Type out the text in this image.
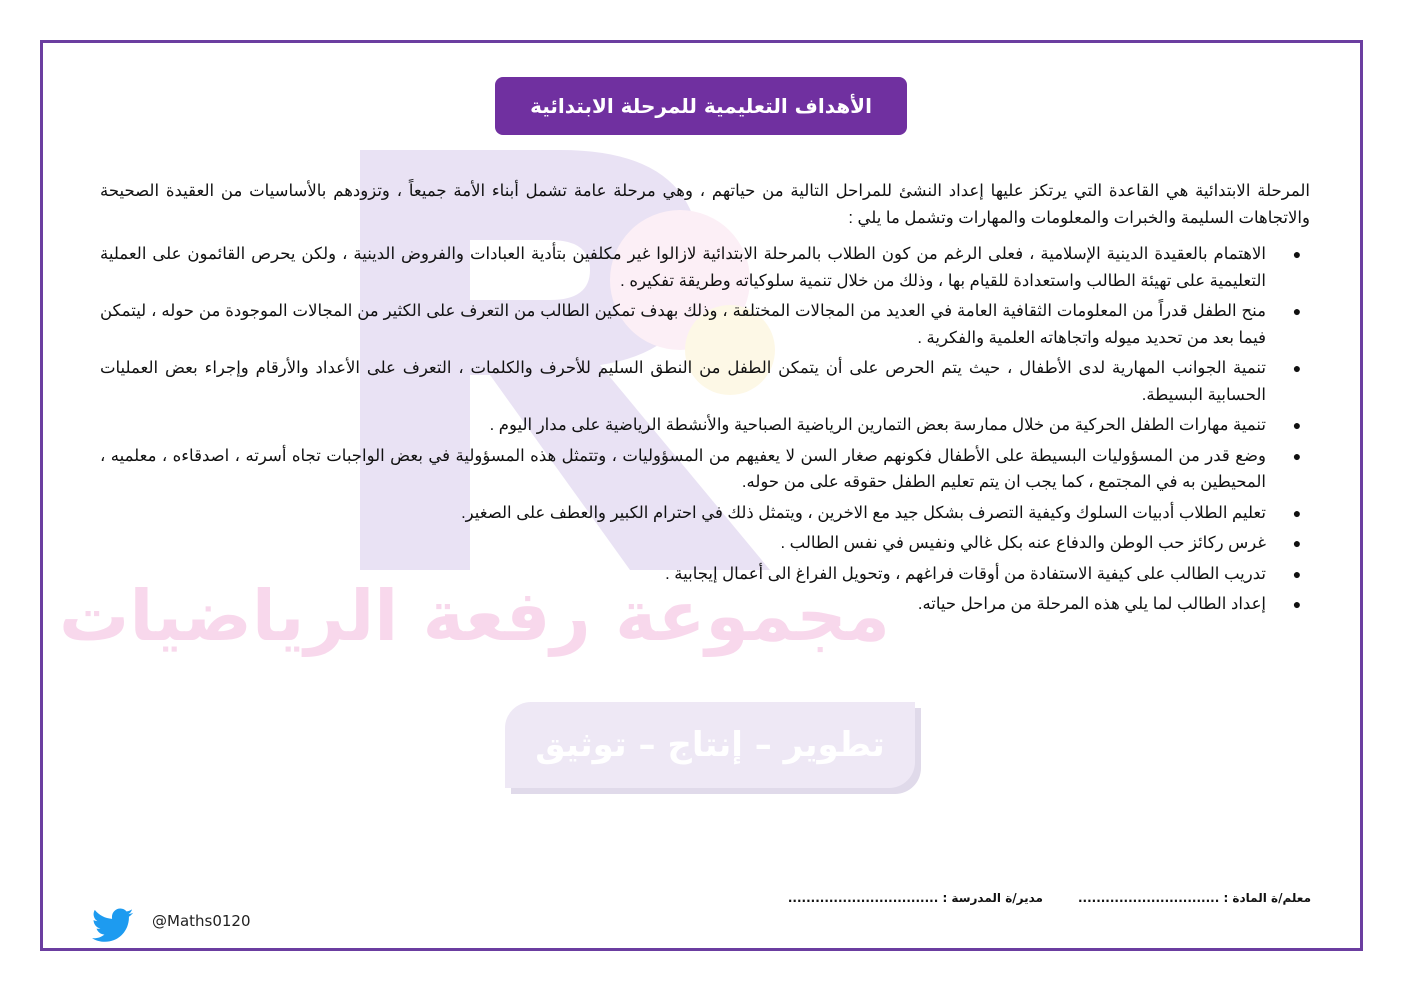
مجموعة رفعة الرياضيات
تطوير – إنتاج – توثيق
الأهداف التعليمية للمرحلة الابتدائية

المرحلة الابتدائية هي القاعدة التي يرتكز عليها إعداد النشئ للمراحل التالية من حياتهم ، وهي مرحلة عامة تشمل أبناء الأمة جميعاً ، وتزودهم بالأساسيات من العقيدة الصحيحة والاتجاهات السليمة والخبرات والمعلومات والمهارات وتشمل ما يلي :

●
الاهتمام بالعقيدة الدينية الإسلامية ، فعلى الرغم من كون الطلاب بالمرحلة الابتدائية لازالوا غير مكلفين بتأدية العبادات والفروض الدينية ، ولكن يحرص القائمون على العملية التعليمية على تهيئة الطالب واستعدادة للقيام بها ، وذلك من خلال تنمية سلوكياته وطريقة تفكيره .
●
منح الطفل قدراً من المعلومات الثقافية العامة في العديد من المجالات المختلفة ، وذلك بهدف تمكين الطالب من التعرف على الكثير من المجالات الموجودة من حوله ، ليتمكن فيما بعد من تحديد ميوله واتجاهاته العلمية والفكرية .
●
تنمية الجوانب المهارية لدى الأطفال ، حيث يتم الحرص على أن يتمكن الطفل من النطق السليم للأحرف والكلمات ، التعرف على الأعداد والأرقام وإجراء بعض العمليات الحسابية البسيطة.
●
تنمية مهارات الطفل الحركية من خلال ممارسة بعض التمارين الرياضية الصباحية والأنشطة الرياضية على مدار اليوم .
●
وضع قدر من المسؤوليات البسيطة على الأطفال فكونهم صغار السن لا يعفيهم من المسؤوليات ، وتتمثل هذه المسؤولية في بعض الواجبات تجاه أسرته ، اصدقاءه ، معلميه ، المحيطين به في المجتمع ، كما يجب ان يتم تعليم الطفل حقوقه على من حوله.
●
تعليم الطلاب أدبيات السلوك وكيفية التصرف بشكل جيد مع الاخرين ، ويتمثل ذلك في احترام الكبير والعطف على الصغير.
●
غرس ركائز حب الوطن والدفاع عنه بكل غالي ونفيس في نفس الطالب .
●
تدريب الطالب على كيفية الاستفادة من أوقات فراغهم ، وتحويل الفراغ الى أعمال إيجابية .
●
إعداد الطالب لما يلي هذه المرحلة من مراحل حياته.
معلم/ة المادة : ...............................
مدير/ة المدرسة : .................................
@Maths0120
